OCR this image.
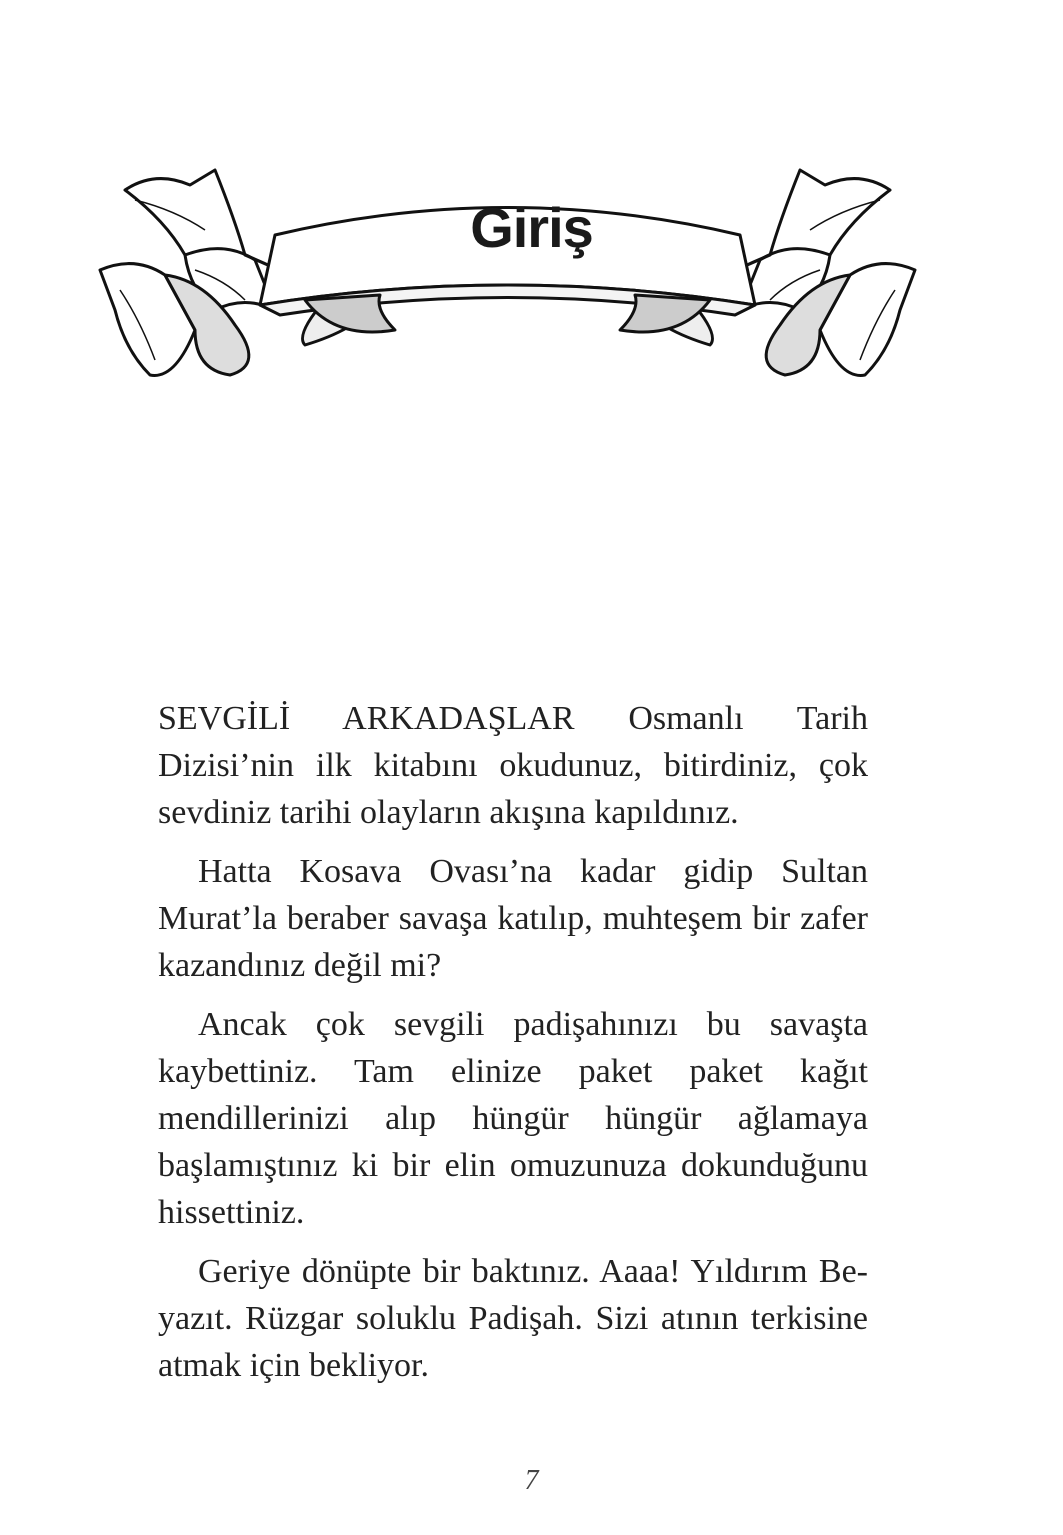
Giriş

SEVGİLİ ARKADAŞLAR Osmanlı Tarih Dizisi’nin ilk kitabını okudunuz, bitirdiniz, çok sevdiniz tarihi olayların akışına kapıldınız.

Hatta Kosava Ovası’na kadar gidip Sultan Murat’la beraber savaşa katılıp, muhteşem bir zafer kazandınız değil mi?

Ancak çok sevgili padişahınızı bu savaşta kaybettiniz. Tam elinize paket paket kağıt mendillerinizi alıp hüngür hüngür ağlamaya başlamıştınız ki bir elin omuzunuza dokunduğunu hissettiniz.

Geriye dönüpte bir baktınız. Aaaa! Yıldırım Beyazıt. Rüzgar soluklu Padişah. Sizi atının terkisine atmak için bekliyor.

7
